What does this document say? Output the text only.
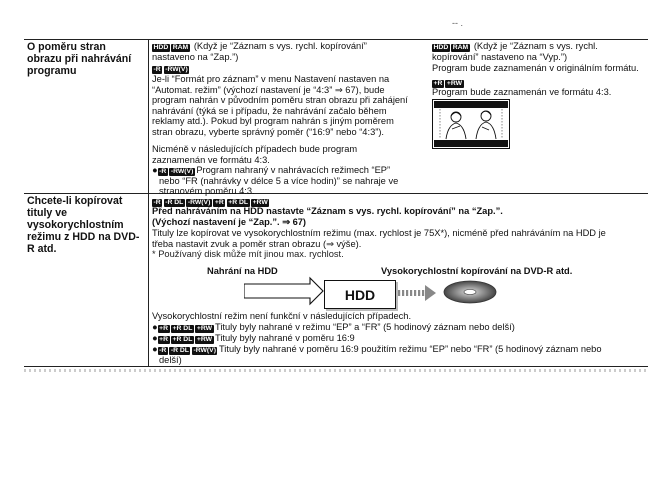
-- .
O poměru stran
obrazu při nahrávání
programu
HDD RAM (Když je “Záznam s vys. rychl. kopírování”
nastaveno na “Zap.”)
-R -RW(V)
Je-li “Formát pro záznam” v menu Nastavení nastaven na
“Automat. režim” (výchozí nastavení je “4:3” ⇒ 67), bude
program nahrán v původním poměru stran obrazu při zahájení
nahrávání (týká se i případu, že nahrávání začalo během
reklamy atd.). Pokud byl program nahrán s jiným poměrem
stran obrazu, vyberte správný poměr (“16:9” nebo “4:3”).
Nicméně v následujících případech bude program
zaznamenán ve formátu 4:3.
● -R -RW(V) Program nahraný v nahrávacích režimech “EP”
nebo “FR (nahrávky v délce 5 a více hodin)” se nahraje ve
stranovém poměru 4:3.
HDD RAM (Když je “Záznam s vys. rychl.
kopírování” nastaveno na “Vyp.”)
Program bude zaznamenán v originálním formátu.
+R +RW
Program bude zaznamenán ve formátu 4:3.
Chcete-li kopírovat
tituly ve
vysokorychlostním
režimu z HDD na DVD-
R atd.
-R -R DL -RW(V) +R +R DL +RW
Před nahráváním na HDD nastavte “Záznam s vys. rychl. kopírování” na “Zap.”.
(Výchozí nastavení je “Zap.”. ⇒ 67)
Tituly lze kopírovat ve vysokorychlostním režimu (max. rychlost je 75X*), nicméně před nahráváním na HDD je
třeba nastavit zvuk a poměr stran obrazu (⇒ výše).
* Používaný disk může mít jinou max. rychlost.
Nahrání na HDD	Vysokorychlostní kopírování na DVD-R atd.
HDD
Vysokorychlostní režim není funkční v následujících případech.
● +R +R DL +RW Tituly byly nahrané v režimu “EP” a “FR” (5 hodinový záznam nebo delší)
● +R +R DL +RW Tituly byly nahrané v poměru 16:9
● -R -R DL -RW(V) Tituly byly nahrané v poměru 16:9 použitím režimu “EP” nebo “FR” (5 hodinový záznam nebo
delší)
